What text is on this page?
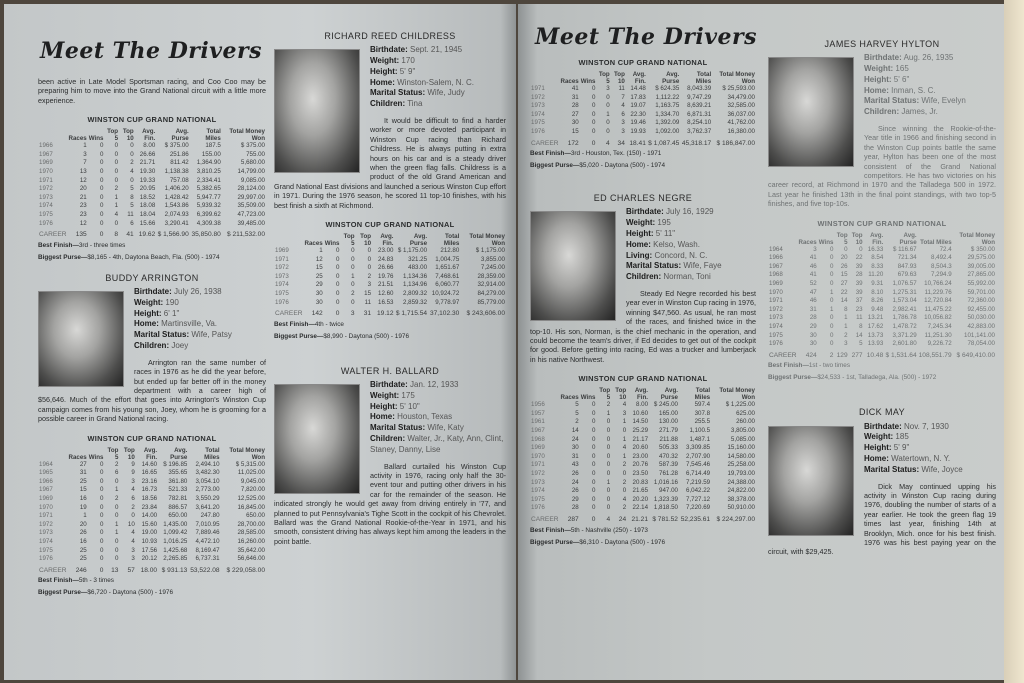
Meet The Drivers
Meet The Drivers
been active in Late Model Sportsman racing, and Coo Coo may be preparing him to move into the Grand National circuit with a little more experience.
WINSTON CUP GRAND NATIONAL
	Races	Wins	Top 5	Top 10	Avg. Fin.	Avg. Purse	Total Miles	Total Money Won
1966	1	0	0	0	8.00	$ 375.00	187.5	$ 375.00
1967	3	0	0	0	26.66	251.86	155.00	755.00
1969	7	0	0	2	21.71	811.42	1,364.90	5,680.00
1970	13	0	0	4	19.30	1,138.38	3,810.25	14,799.00
1971	12	0	0	0	19.33	757.08	2,334.41	9,085.00
1972	20	0	2	5	20.95	1,406.20	5,382.65	28,124.00
1973	21	0	1	8	18.52	1,428.42	5,947.77	29,997.00
1974	23	0	1	5	18.08	1,543.86	5,939.32	35,509.00
1975	23	0	4	11	18.04	2,074.93	6,399.62	47,723.00
1976	12	0	0	6	15.66	3,290.41	4,309.38	39,485.00
CAREER	135	0	8	41	19.62	$ 1,566.90	35,850.80	$ 211,532.00
Best Finish—3rd - three times
Biggest Purse—$8,165 - 4th, Daytona Beach, Fla. (500) - 1974
BUDDY ARRINGTON
Birthdate: July 26, 1938
Weight: 190
Height: 6' 1"
Home: Martinsville, Va.
Marital Status: Wife, Patsy
Children: Joey
Arrington ran the same number of races in 1976 as he did the year before, but ended up far better off in the money department with a career high of $56,646. Much of the effort that goes into Arrington's Winston Cup campaign comes from his young son, Joey, whom he is grooming for a possible career in Grand National racing.
WINSTON CUP GRAND NATIONAL
	Races	Wins	Top 5	Top 10	Avg. Fin.	Avg. Purse	Total Miles	Total Money Won
1964	27	0	2	9	14.60	$ 196.85	2,494.10	$ 5,315.00
1965	31	0	6	9	16.65	355.65	3,482.30	11,025.00
1966	25	0	0	3	23.16	361.80	3,054.10	9,045.00
1967	15	0	1	4	16.73	521.33	2,773.00	7,820.00
1969	16	0	2	6	18.56	782.81	3,550.29	12,525.00
1970	19	0	0	2	23.84	886.57	3,641.20	16,845.00
1971	1	0	0	0	14.00	650.00	247.80	650.00
1972	20	0	1	10	15.60	1,435.00	7,010.95	28,700.00
1973	26	0	1	4	19.00	1,099.42	7,889.46	28,585.00
1974	16	0	0	4	10.93	1,016.25	4,472.10	16,260.00
1975	25	0	0	3	17.56	1,425.68	8,169.47	35,642.00
1976	25	0	0	3	20.12	2,265.85	6,737.31	56,646.00
CAREER	246	0	13	57	18.00	$ 931.13	53,522.08	$ 229,058.00
Best Finish—5th - 3 times
Biggest Purse—$6,720 - Daytona (500) - 1976
RICHARD REED CHILDRESS
Birthdate: Sept. 21, 1945
Weight: 170
Height: 5' 9"
Home: Winston-Salem, N. C.
Marital Status: Wife, Judy
Children: Tina
It would be difficult to find a harder worker or more devoted participant in Winston Cup racing than Richard Childress. He is always putting in extra hours on his car and is a steady driver when the green flag falls. Childress is a product of the old Grand American and Grand National East divisions and launched a serious Winston Cup effort in 1971. During the 1976 season, he scored 11 top-10 finishes, with his best finish a sixth at Richmond.
WINSTON CUP GRAND NATIONAL
	Races	Wins	Top 5	Top 10	Avg. Fin.	Avg. Purse	Total Miles	Total Money Won
1969	1	0	0	0	23.00	$ 1,175.00	212.80	$ 1,175.00
1971	12	0	0	0	24.83	321.25	1,004.75	3,855.00
1972	15	0	0	0	26.66	483.00	1,651.67	7,245.00
1973	25	0	1	2	19.76	1,134.36	7,468.61	28,359.00
1974	29	0	0	3	21.51	1,134.96	6,060.77	32,914.00
1975	30	0	2	15	12.60	2,809.32	10,924.72	84,279.00
1976	30	0	0	11	16.53	2,859.32	9,778.97	85,779.00
CAREER	142	0	3	31	19.12	$ 1,715.54	37,102.30	$ 243,606.00
Best Finish—4th - twice
Biggest Purse—$8,990 - Daytona (500) - 1976
WALTER H. BALLARD
Birthdate: Jan. 12, 1933
Weight: 175
Height: 5' 10"
Home: Houston, Texas
Marital Status: Wife, Katy
Children: Walter, Jr., Katy, Ann, Clint, Staney, Danny, Lise
Ballard curtailed his Winston Cup activity in 1976, racing only half the 30-event tour and putting other drivers in his car for the remainder of the season. He indicated strongly he would get away from driving entirely in '77, and planned to put Pennsylvania's Tighe Scott in the cockpit of his Chevrolet. Ballard was the Grand National Rookie-of-the-Year in 1971, and his smooth, consistent driving has always kept him among the leaders in the point battle.
WINSTON CUP GRAND NATIONAL
	Races	Wins	Top 5	Top 10	Avg. Fin.	Avg. Purse	Total Miles	Total Money Won
1971	41	0	3	11	14.48	$ 624.35	8,043.39	$ 25,593.00
1972	31	0	0	7	17.83	1,112.22	9,747.29	34,479.00
1973	28	0	0	4	19.07	1,163.75	8,639.21	32,585.00
1974	27	0	1	6	22.30	1,334.70	6,871.31	36,037.00
1975	30	0	0	3	19.46	1,392.09	8,254.10	41,762.00
1976	15	0	0	3	19.93	1,092.00	3,762.37	16,380.00
CAREER	172	0	4	34	18.41	$ 1,087.45	45,318.17	$ 186,847.00
Best Finish—3rd - Houston, Tex. (150) - 1971
Biggest Purse—$5,020 - Daytona (500) - 1974
ED CHARLES NEGRE
Birthdate: July 16, 1929
Weight: 195
Height: 5' 11"
Home: Kelso, Wash.
Living: Concord, N. C.
Marital Status: Wife, Faye
Children: Norman, Toni
Steady Ed Negre recorded his best year ever in Winston Cup racing in 1976, winning $47,560. As usual, he ran most of the races, and finished twice in the top-10. His son, Norman, is the chief mechanic in the operation, and could become the team's driver, if Ed decides to get out of the cockpit for good. Before getting into racing, Ed was a trucker and lumberjack in his native Northwest.
WINSTON CUP GRAND NATIONAL
	Races	Wins	Top 5	Top 10	Avg. Fin.	Avg. Purse	Total Miles	Total Money Won
1956	5	0	2	4	8.00	$ 245.00	597.4	$ 1,225.00
1957	5	0	1	3	10.60	165.00	307.8	625.00
1961	2	0	0	1	14.50	130.00	255.5	260.00
1967	14	0	0	0	25.29	271.79	1,100.5	3,805.00
1968	24	0	0	1	21.17	211.88	1,487.1	5,085.00
1969	30	0	0	4	20.60	505.33	3,309.85	15,160.00
1970	31	0	0	1	23.00	470.32	2,707.90	14,580.00
1971	43	0	0	2	20.76	587.39	7,545.46	25,258.00
1972	26	0	0	0	23.50	761.28	6,714.49	19,793.00
1973	24	0	1	2	20.83	1,016.16	7,219.59	24,388.00
1974	26	0	0	0	21.65	947.00	6,042.22	24,822.00
1975	29	0	0	4	20.20	1,323.39	7,727.12	38,378.00
1976	28	0	0	2	22.14	1,818.50	7,220.69	50,910.00
CAREER	287	0	4	24	21.21	$ 781.52	52,235.61	$ 224,297.00
Best Finish—5th - Nashville (250) - 1973
Biggest Purse—$6,310 - Daytona (500) - 1976
JAMES HARVEY HYLTON
Birthdate: Aug. 26, 1935
Weight: 165
Height: 5' 6"
Home: Inman, S. C.
Marital Status: Wife, Evelyn
Children: James, Jr.
Since winning the Rookie-of-the-Year title in 1966 and finishing second in the Winston Cup points battle the same year, Hylton has been one of the most consistent of the Grand National competitors. He has two victories on his career record, at Richmond in 1970 and the Talladega 500 in 1972. Last year he finished 13th in the final point standings, with two top-5 finishes, and five top-10s.
WINSTON CUP GRAND NATIONAL
	Races	Wins	Top 5	Top 10	Avg. Fin.	Avg. Purse	Total Miles	Total Money Won
1964	3	0	0	0	16.33	$ 116.67	72.4	$ 350.00
1966	41	0	20	22	8.54	721.34	8,492.4	29,575.00
1967	46	0	26	39	8.33	847.93	8,504.3	39,005.00
1968	41	0	15	28	11.20	679.63	7,294.9	27,865.00
1969	52	0	27	39	9.31	1,076.57	10,766.24	55,992.00
1970	47	1	22	39	8.10	1,275.31	11,229.76	59,701.00
1971	46	0	14	37	8.26	1,573.04	12,720.84	72,360.00
1972	31	1	8	23	9.48	2,982.41	11,475.22	92,455.00
1973	28	0	1	11	13.21	1,786.78	10,056.82	50,030.00
1974	29	0	1	8	17.62	1,478.72	7,245.34	42,883.00
1975	30	0	2	14	13.73	3,371.29	11,251.30	101,141.00
1976	30	0	3	5	13.93	2,601.80	9,226.72	78,054.00
CAREER	424	2	129	277	10.48	$ 1,531.64	108,551.79	$ 649,410.00
Best Finish—1st - two times
Biggest Purse—$24,533 - 1st, Talladega, Ala. (500) - 1972
DICK MAY
Birthdate: Nov. 7, 1930
Weight: 185
Height: 5' 9"
Home: Watertown, N. Y.
Marital Status: Wife, Joyce
Dick May continued upping his activity in Winston Cup racing during 1976, doubling the number of starts of a year earlier. He took the green flag 19 times last year, finishing 14th at Brooklyn, Mich. once for his best finish. 1976 was his best paying year on the circuit, with $29,425.
